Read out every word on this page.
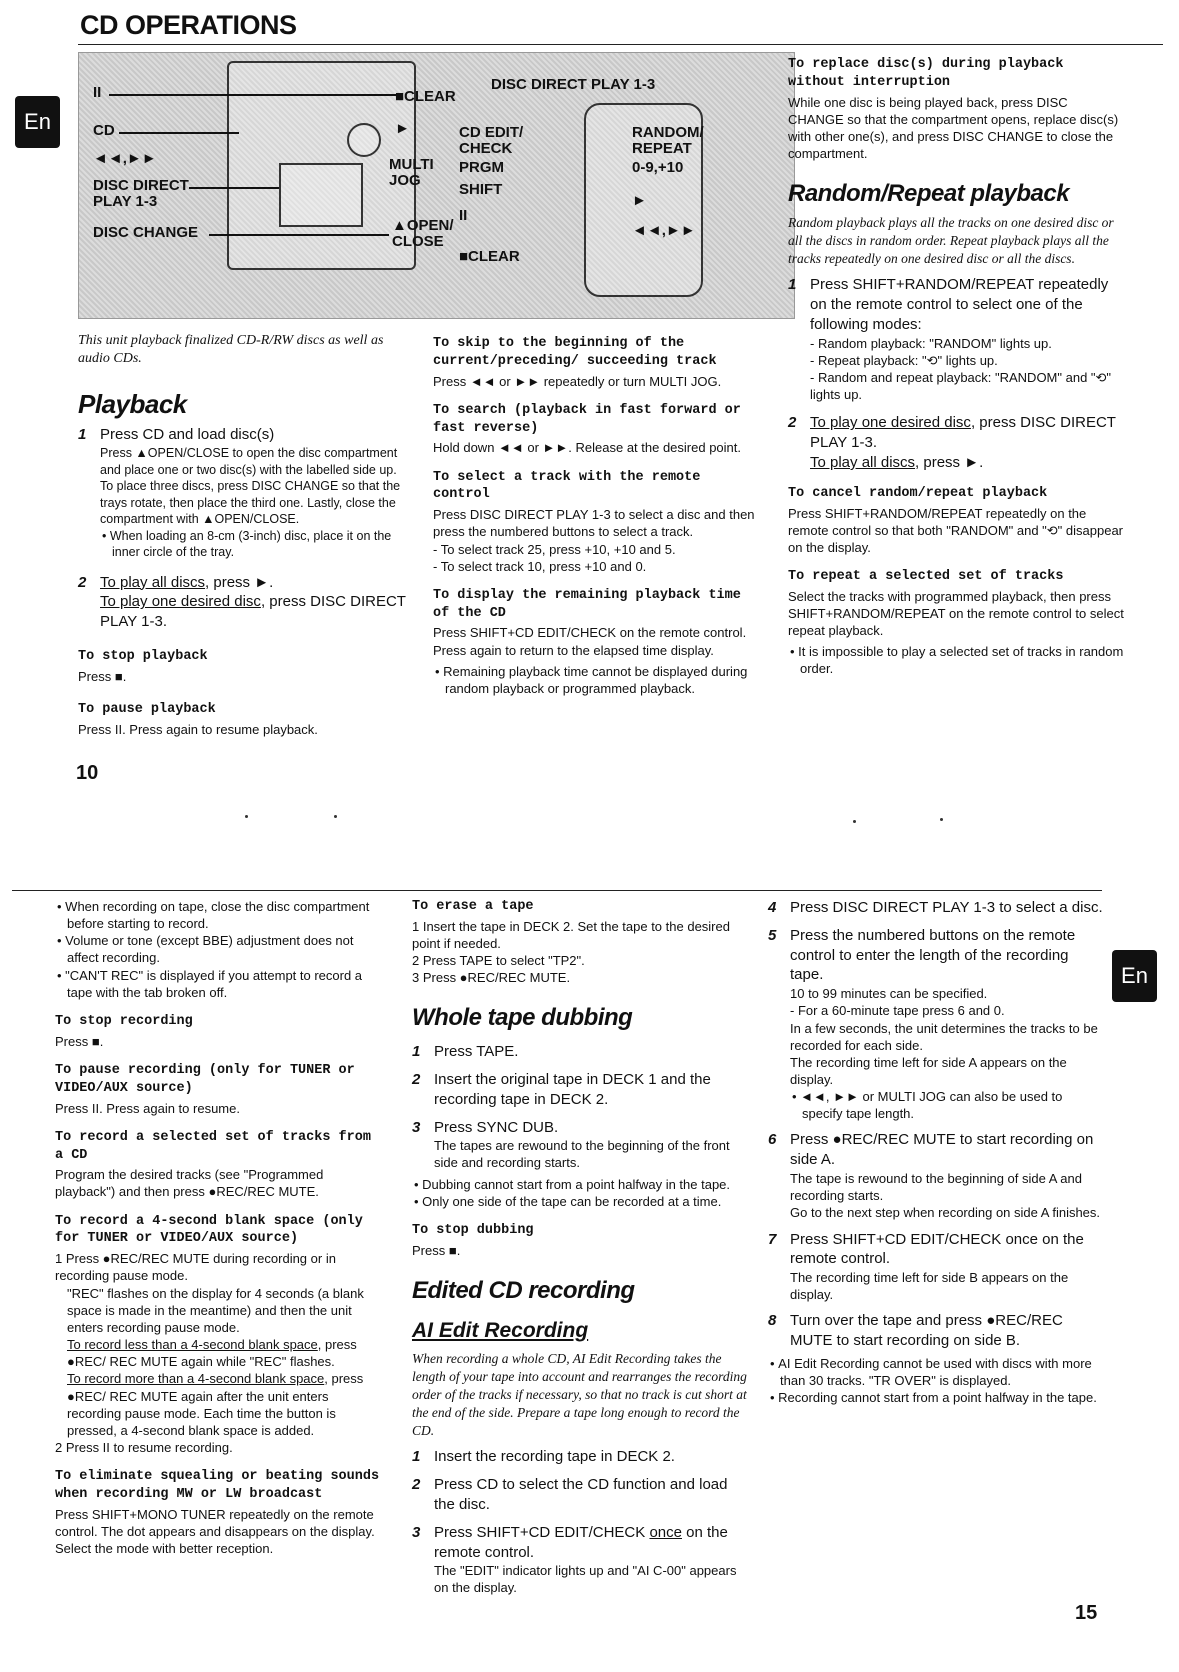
CD OPERATIONS
En
II
CD
◄◄,►►
DISC DIRECT
PLAY 1-3
DISC CHANGE
■CLEAR
►
MULTI
JOG
▲OPEN/
CLOSE
DISC DIRECT PLAY 1-3
CD EDIT/
CHECK
PRGM
SHIFT
II
■CLEAR
RANDOM/
REPEAT
0-9,+10
►
◄◄,►►

This unit playback finalized CD-R/RW discs as well as audio CDs.

Playback
1 Press CD and load disc(s)

Press ▲OPEN/CLOSE to open the disc compartment and place one or two disc(s) with the labelled side up.

To place three discs, press DISC CHANGE so that the trays rotate, then place the third one. Lastly, close the compartment with ▲OPEN/CLOSE.

• When loading an 8-cm (3-inch) disc, place it on the inner circle of the tray.

2 To play all discs, press ►.
To play one desired disc, press DISC DIRECT PLAY 1-3.
To stop playback

Press ■.

To pause playback

Press II. Press again to resume playback.

10
To skip to the beginning of the current/preceding/ succeeding track

Press ◄◄ or ►► repeatedly or turn MULTI JOG.

To search (playback in fast forward or fast reverse)

Hold down ◄◄ or ►►. Release at the desired point.

To select a track with the remote control

Press DISC DIRECT PLAY 1-3 to select a disc and then press the numbered buttons to select a track.

- To select track 25, press +10, +10 and 5.

- To select track 10, press +10 and 0.

To display the remaining playback time of the CD

Press SHIFT+CD EDIT/CHECK on the remote control. Press again to return to the elapsed time display.

• Remaining playback time cannot be displayed during random playback or programmed playback.

To replace disc(s) during playback without interruption

While one disc is being played back, press DISC CHANGE so that the compartment opens, replace disc(s) with other one(s), and press DISC CHANGE to close the compartment.

Random/Repeat playback

Random playback plays all the tracks on one desired disc or all the discs in random order. Repeat playback plays all the tracks repeatedly on one desired disc or all the discs.

1 Press SHIFT+RANDOM/REPEAT repeatedly on the remote control to select one of the following modes:

- Random playback: "RANDOM" lights up.

- Repeat playback: "⟲" lights up.

- Random and repeat playback: "RANDOM" and "⟲" lights up.

2 To play one desired disc, press DISC DIRECT PLAY 1-3.
To play all discs, press ►.
To cancel random/repeat playback

Press SHIFT+RANDOM/REPEAT repeatedly on the remote control so that both "RANDOM" and "⟲" disappear on the display.

To repeat a selected set of tracks

Select the tracks with programmed playback, then press SHIFT+RANDOM/REPEAT on the remote control to select repeat playback.

• It is impossible to play a selected set of tracks in random order.

En

• When recording on tape, close the disc compartment before starting to record.

• Volume or tone (except BBE) adjustment does not affect recording.

• "CAN'T REC" is displayed if you attempt to record a tape with the tab broken off.

To stop recording

Press ■.

To pause recording (only for TUNER or VIDEO/AUX source)

Press II. Press again to resume.

To record a selected set of tracks from a CD

Program the desired tracks (see "Programmed playback") and then press ●REC/REC MUTE.

To record a 4-second blank space (only for TUNER or VIDEO/AUX source)

1 Press ●REC/REC MUTE during recording or in recording pause mode.

"REC" flashes on the display for 4 seconds (a blank space is made in the meantime) and then the unit enters recording pause mode.

To record less than a 4-second blank space, press ●REC/ REC MUTE again while "REC" flashes.

To record more than a 4-second blank space, press ●REC/ REC MUTE again after the unit enters recording pause mode. Each time the button is pressed, a 4-second blank space is added.

2 Press II to resume recording.

To eliminate squealing or beating sounds when recording MW or LW broadcast

Press SHIFT+MONO TUNER repeatedly on the remote control. The dot appears and disappears on the display. Select the mode with better reception.

To erase a tape

1 Insert the tape in DECK 2. Set the tape to the desired point if needed.

2 Press TAPE to select "TP2".

3 Press ●REC/REC MUTE.

Whole tape dubbing
1 Press TAPE.
2 Insert the original tape in DECK 1 and the recording tape in DECK 2.
3 Press SYNC DUB.

The tapes are rewound to the beginning of the front side and recording starts.

• Dubbing cannot start from a point halfway in the tape.

• Only one side of the tape can be recorded at a time.

To stop dubbing

Press ■.

Edited CD recording
AI Edit Recording

When recording a whole CD, AI Edit Recording takes the length of your tape into account and rearranges the recording order of the tracks if necessary, so that no track is cut short at the end of the side. Prepare a tape long enough to record the CD.

1 Insert the recording tape in DECK 2.
2 Press CD to select the CD function and load the disc.
3 Press SHIFT+CD EDIT/CHECK once on the remote control.

The "EDIT" indicator lights up and "AI C-00" appears on the display.

4 Press DISC DIRECT PLAY 1-3 to select a disc.
5 Press the numbered buttons on the remote control to enter the length of the recording tape.

10 to 99 minutes can be specified.

- For a 60-minute tape press 6 and 0.

In a few seconds, the unit determines the tracks to be recorded for each side.

The recording time left for side A appears on the display.

• ◄◄, ►► or MULTI JOG can also be used to specify tape length.

6 Press ●REC/REC MUTE to start recording on side A.

The tape is rewound to the beginning of side A and recording starts.

Go to the next step when recording on side A finishes.

7 Press SHIFT+CD EDIT/CHECK once on the remote control.

The recording time left for side B appears on the display.

8 Turn over the tape and press ●REC/REC MUTE to start recording on side B.

• AI Edit Recording cannot be used with discs with more than 30 tracks. "TR OVER" is displayed.

• Recording cannot start from a point halfway in the tape.

15
